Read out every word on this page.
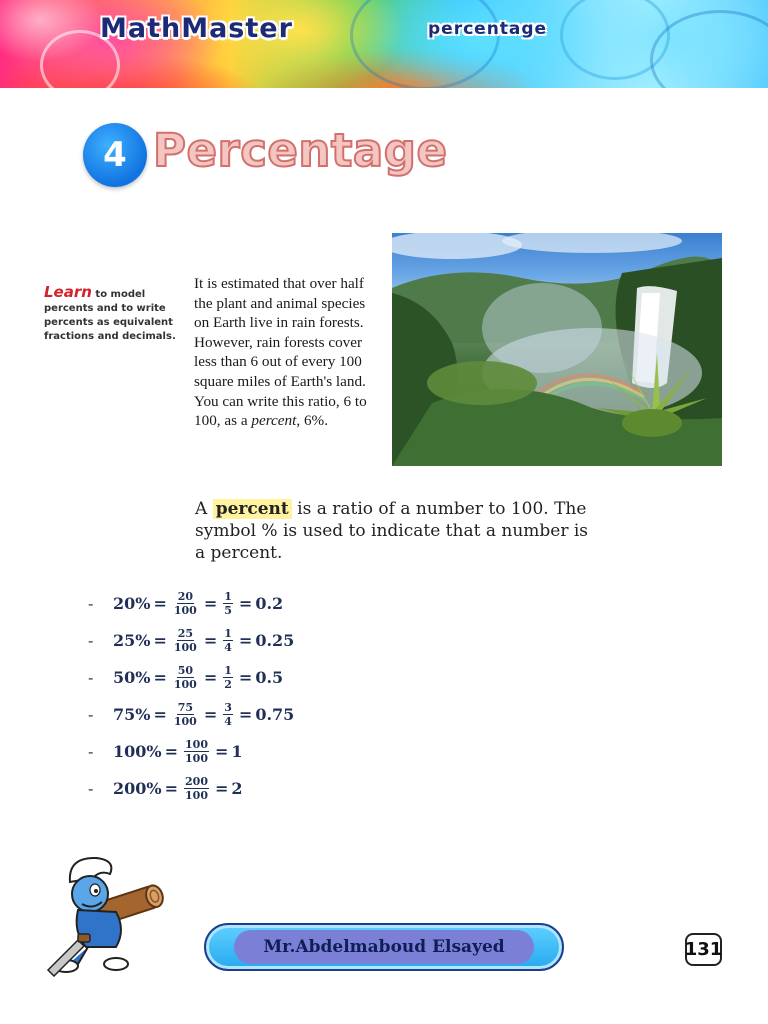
MathMaster	percentage
4 Percentage
Learn to model percents and to write percents as equivalent fractions and decimals.
It is estimated that over half the plant and animal species on Earth live in rain forests. However, rain forests cover less than 6 out of every 100 square miles of Earth's land. You can write this ratio, 6 to 100, as a percent, 6%.
A percent is a ratio of a number to 100. The symbol % is used to indicate that a number is a percent.
-	$20\% = \frac{20}{100} = \frac{1}{5} = 0.2$
-	$25\% = \frac{25}{100} = \frac{1}{4} = 0.25$
-	$50\% = \frac{50}{100} = \frac{1}{2} = 0.5$
-	$75\% = \frac{75}{100} = \frac{3}{4} = 0.75$
-	$100\% = \frac{100}{100} = 1$
-	$200\% = \frac{200}{100} = 2$
Mr.Abdelmaboud Elsayed	131
